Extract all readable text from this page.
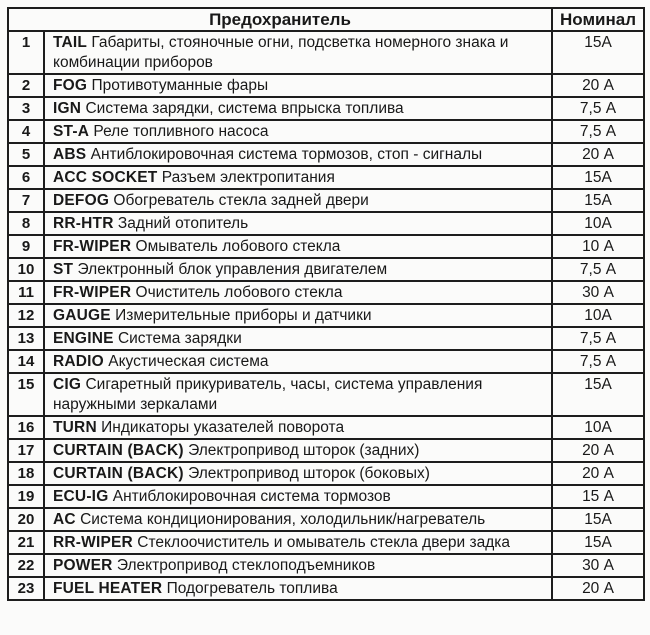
Предохранитель		Номинал
1	TAIL Габариты, стояночные огни, подсветка номерного знака и комбинации приборов	15A
2	FOG Противотуманные фары	20 А
3	IGN Система зарядки, система впрыска топлива	7,5 А
4	ST-A Реле топливного насоса	7,5 А
5	ABS Антиблокировочная система тормозов, стоп - сигналы	20 А
6	ACC SOCKET Разъем электропитания	15А
7	DEFOG Обогреватель стекла задней двери	15А
8	RR-HTR Задний отопитель	10А
9	FR-WIPER Омыватель лобового стекла	10 А
10	ST Электронный блок управления двигателем	7,5 А
11	FR-WIPER Очиститель лобового стекла	30 А
12	GAUGE Измерительные приборы и датчики	10А
13	ENGINE Система зарядки	7,5 А
14	RADIO Акустическая система	7,5 А
15	CIG Сигаретный прикуриватель, часы, система управления наружными зеркалами	15А
16	TURN Индикаторы указателей поворота	10А
17	CURTAIN (BACK) Электропривод шторок (задних)	20 А
18	CURTAIN (BACK) Электропривод шторок (боковых)	20 А
19	ECU-IG Антиблокировочная система тормозов	15 А
20	AC Система кондиционирования, холодильник/нагреватель	15А
21	RR-WIPER Стеклоочиститель и омыватель стекла двери задка	15А
22	POWER Электропривод стеклоподъемников	30 А
23	FUEL HEATER Подогреватель топлива	20 А
